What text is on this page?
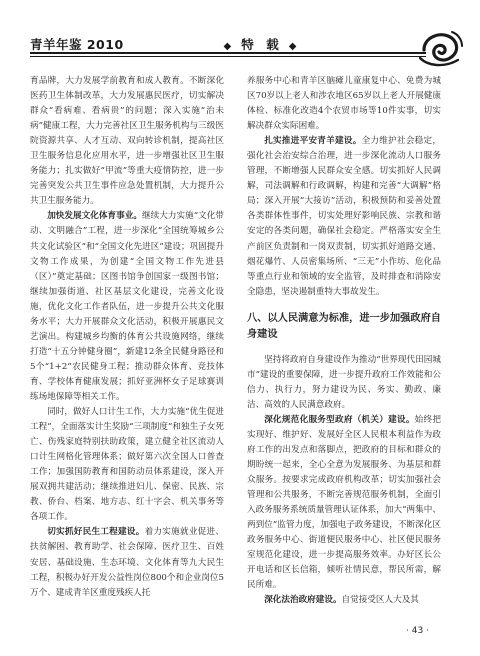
青羊年鉴 2010	◆ 特　载 ◆

育品牌，大力发展学前教育和成人教育。不断深化医药卫生体制改革，大力发展惠民医疗，切实解决群众“看病难、看病贵”的问题；深入实施“治未病”健康工程，大力完善社区卫生服务机构与三级医院资源共享、人才互动、双向转诊机制，提高社区卫生服务信息化应用水平，进一步增强社区卫生服务能力；扎实做好“甲流”等重大疫情防控，进一步完善突发公共卫生事件应急处置机制，大力提升公共卫生服务能力。

加快发展文化体育事业。继续大力实施“文化带动、文明融合”工程，进一步深化“全国统筹城乡公共文化试验区”和“全国文化先进区”建设；巩固提升文物工作成果，为创建“全国文物工作先进县（区）”奠定基础；区图书馆争创国家一级图书馆；继续加强街道、社区基层文化建设，完善文化设施，优化文化工作者队伍，进一步提升公共文化服务水平；大力开展群众文化活动，积极开展惠民文艺演出。构建城乡均衡的体育公共设施网络，继续打造“十五分钟健身圈”，新建12条全民健身路径和5个“1+2”农民健身工程；推动群众体育、竞技体育、学校体育健康发展；抓好亚洲杯女子足球赛训练场地保障等相关工作。

同时，做好人口计生工作，大力实施“优生促进工程”，全面落实计生奖励“三项制度”和独生子女死亡、伤残家庭特别扶助政策，建立健全社区流动人口计生网格化管理体系；做好第六次全国人口普查工作；加强国防教育和国防动员体系建设，深入开展双拥共建活动；继续推进妇儿、保密、民族、宗教、侨台、档案、地方志、红十字会、机关事务等各项工作。

切实抓好民生工程建设。着力实施就业促进、扶贫解困、教育助学、社会保障、医疗卫生、百姓安居、基础设施、生态环境、文化体育等九大民生工程，积极办好开发公益性岗位800个和企业岗位5万个、建成青羊区重度残疾人托

养服务中心和青羊区脑瘫儿童康复中心、免费为城区70岁以上老人和涉农地区65岁以上老人开展健康体检、标准化改造4个农贸市场等10件实事，切实解决群众实际困难。

扎实推进平安青羊建设。全力维护社会稳定，强化社会治安综合治理，进一步深化流动人口服务管理，不断增强人民群众安全感。切实抓好人民调解，司法调解和行政调解，构建和完善“大调解”格局；深入开展“大接访”活动，积极预防和妥善处置各类群体性事件，切实处理好影响民族、宗教和谐安定的各类问题，确保社会稳定。严格落实安全生产前区负责制和一岗双责制，切实抓好道路交通、烟花爆竹、人员密集场所、“三无”小作坊、危化品等重点行业和领域的安全监管，及时排查和消除安全隐患，坚决遏制重特大事故发生。

八、以人民满意为标准，进一步加强政府自身建设

坚持将政府自身建设作为推动“世界现代田园城市”建设的重要保障，进一步提升政府工作效能和公信力、执行力，努力建设为民、务实、勤政、廉洁、高效的人民满意政府。

深化规范化服务型政府（机关）建设。始终把实现好、维护好、发展好全区人民根本利益作为政府工作的出发点和落脚点，把政府的目标和群众的期盼统一起来，全心全意为发展服务、为基层和群众服务。按要求完成政府机构改革；切实加强社会管理和公共服务，不断完善规范服务机制，全面引入政务服务系统质量管理认证体系，加大“两集中、两到位”监管力度，加强电子政务建设，不断深化区政务服务中心、街道便民服务中心、社区便民服务室规范化建设，进一步提高服务效率。办好区长公开电话和区长信箱，倾听社情民意，帮民所需，解民所难。

深化法治政府建设。自觉接受区人大及其

· 43 ·
